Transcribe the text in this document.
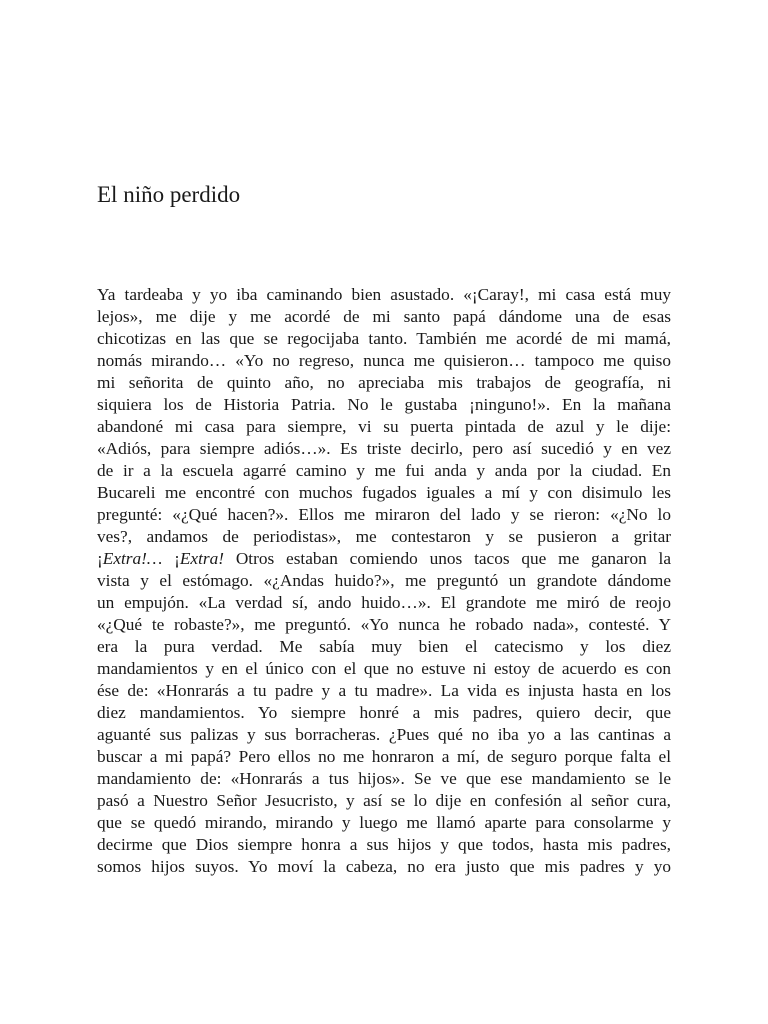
El niño perdido
Ya tardeaba y yo iba caminando bien asustado. «¡Caray!, mi casa está muy
lejos», me dije y me acordé de mi santo papá dándome una de esas
chicotizas en las que se regocijaba tanto. También me acordé de mi mamá,
nomás mirando… «Yo no regreso, nunca me quisieron… tampoco me quiso
mi señorita de quinto año, no apreciaba mis trabajos de geografía, ni
siquiera los de Historia Patria. No le gustaba ¡ninguno!». En la mañana
abandoné mi casa para siempre, vi su puerta pintada de azul y le dije:
«Adiós, para siempre adiós…». Es triste decirlo, pero así sucedió y en vez
de ir a la escuela agarré camino y me fui anda y anda por la ciudad. En
Bucareli me encontré con muchos fugados iguales a mí y con disimulo les
pregunté: «¿Qué hacen?». Ellos me miraron del lado y se rieron: «¿No lo
ves?, andamos de periodistas», me contestaron y se pusieron a gritar
¡Extra!… ¡Extra! Otros estaban comiendo unos tacos que me ganaron la
vista y el estómago. «¿Andas huido?», me preguntó un grandote dándome
un empujón. «La verdad sí, ando huido…». El grandote me miró de reojo
«¿Qué te robaste?», me preguntó. «Yo nunca he robado nada», contesté. Y
era la pura verdad. Me sabía muy bien el catecismo y los diez
mandamientos y en el único con el que no estuve ni estoy de acuerdo es con
ése de: «Honrarás a tu padre y a tu madre». La vida es injusta hasta en los
diez mandamientos. Yo siempre honré a mis padres, quiero decir, que
aguanté sus palizas y sus borracheras. ¿Pues qué no iba yo a las cantinas a
buscar a mi papá? Pero ellos no me honraron a mí, de seguro porque falta el
mandamiento de: «Honrarás a tus hijos». Se ve que ese mandamiento se le
pasó a Nuestro Señor Jesucristo, y así se lo dije en confesión al señor cura,
que se quedó mirando, mirando y luego me llamó aparte para consolarme y
decirme que Dios siempre honra a sus hijos y que todos, hasta mis padres,
somos hijos suyos. Yo moví la cabeza, no era justo que mis padres y yo
